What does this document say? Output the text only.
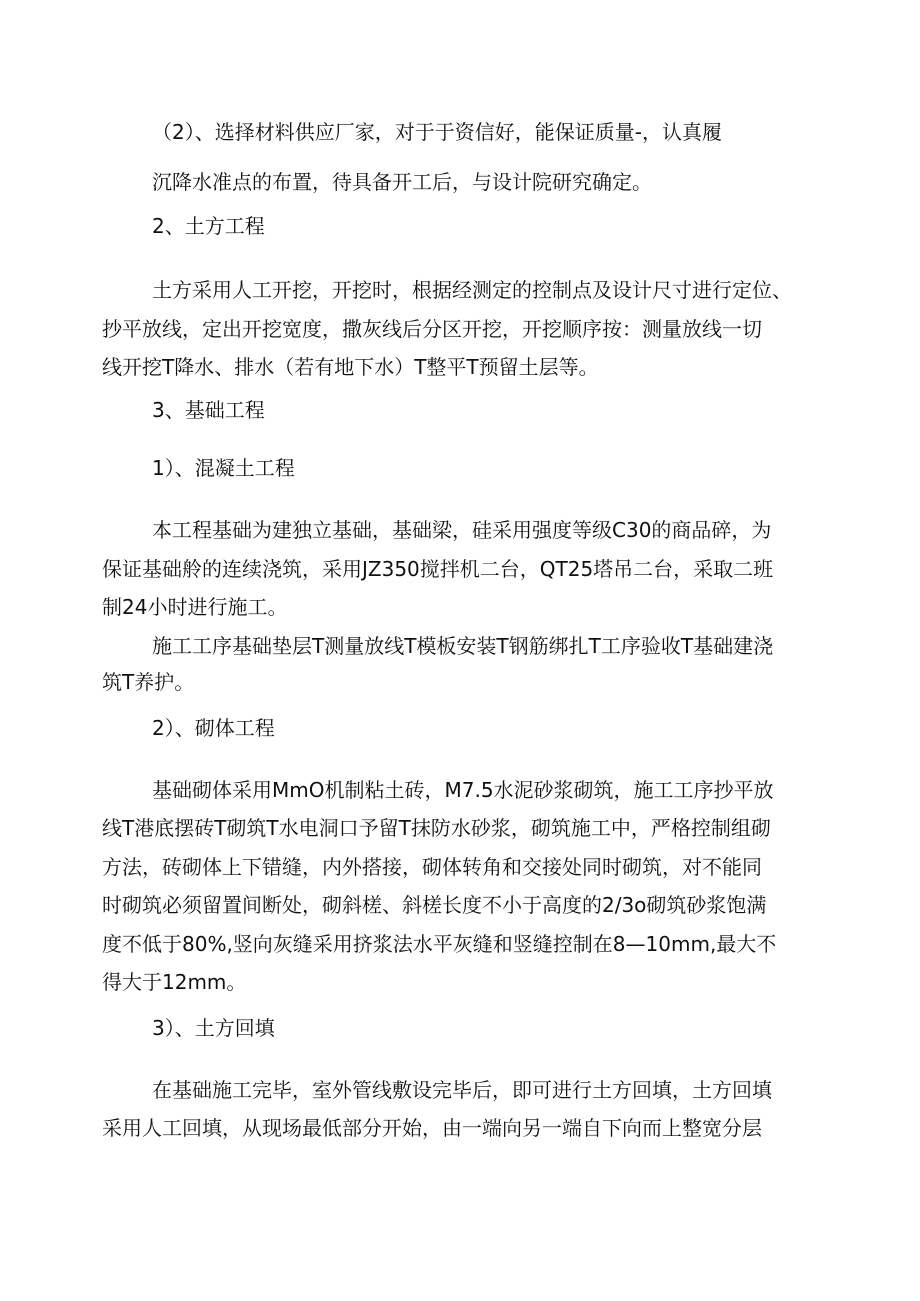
（2）、选择材料供应厂家，对于于资信好，能保证质量-，认真履
沉降水准点的布置，待具备开工后，与设计院研究确定。
2、土方工程
土方采用人工开挖，开挖时，根据经测定的控制点及设计尺寸进行定位、
抄平放线，定出开挖宽度，撒灰线后分区开挖，开挖顺序按：测量放线一切
线开挖T降水、排水（若有地下水）T整平T预留土层等。
3、基础工程
1）、混凝土工程
本工程基础为建独立基础，基础梁，硅采用强度等级C30的商品碎，为
保证基础舲的连续浇筑，采用JZ350搅拌机二台，QT25塔吊二台，采取二班
制24小时进行施工。
施工工序基础垫层T测量放线T模板安装T钢筋绑扎T工序验收T基础建浇
筑T养护。
2）、砌体工程
基础砌体采用MmO机制粘土砖，M7.5水泥砂浆砌筑，施工工序抄平放
线T港底摆砖T砌筑T水电洞口予留T抹防水砂浆，砌筑施工中，严格控制组砌
方法，砖砌体上下错缝，内外搭接，砌体转角和交接处同时砌筑，对不能同
时砌筑必须留置间断处，砌斜槎、斜槎长度不小于高度的2/3o砌筑砂浆饱满
度不低于80%,竖向灰缝采用挤浆法水平灰缝和竖缝控制在8—10mm,最大不
得大于12mm。
3）、土方回填
在基础施工完毕，室外管线敷设完毕后，即可进行土方回填，土方回填
采用人工回填，从现场最低部分开始，由一端向另一端自下向而上整宽分层
